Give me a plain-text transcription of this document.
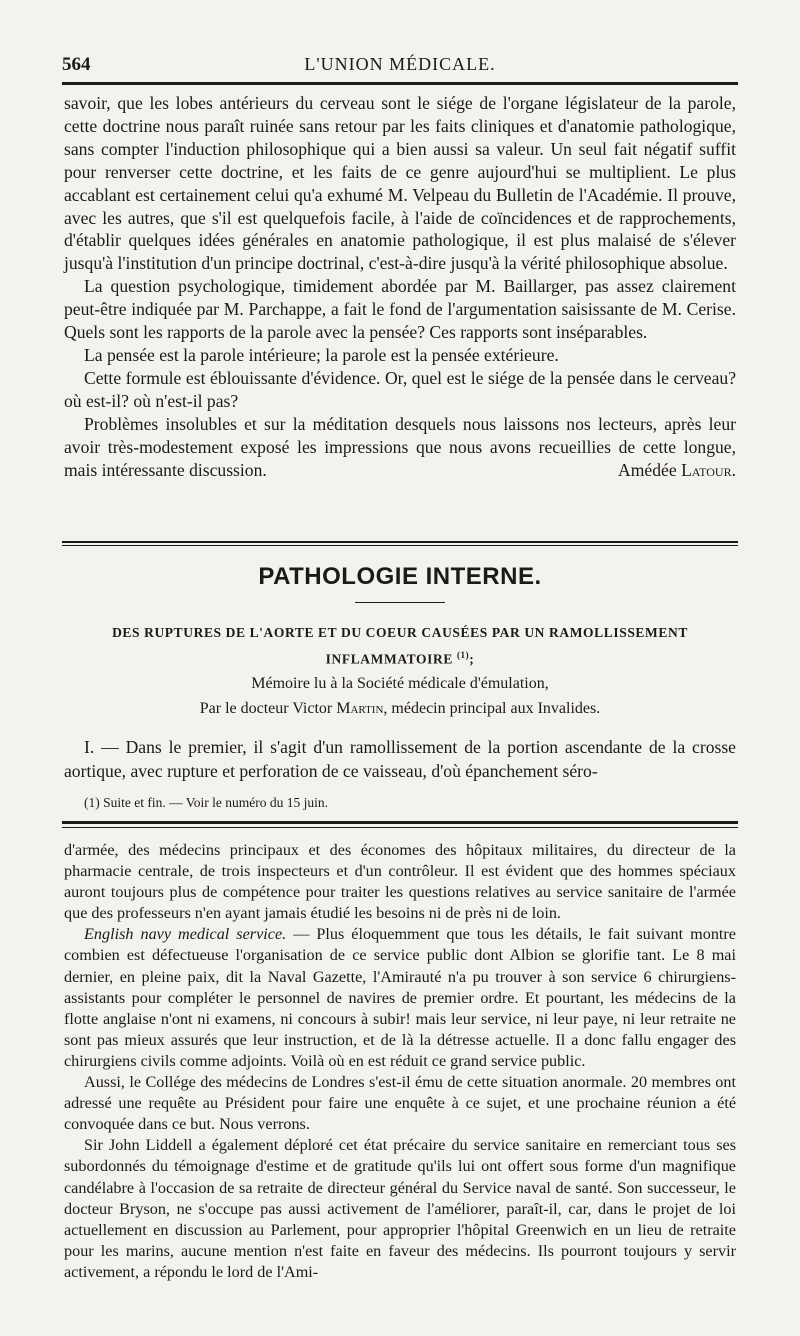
564	L'UNION MÉDICALE.

savoir, que les lobes antérieurs du cerveau sont le siége de l'organe législateur de la parole, cette doctrine nous paraît ruinée sans retour par les faits cliniques et d'anatomie pathologique, sans compter l'induction philosophique qui a bien aussi sa valeur. Un seul fait négatif suffit pour renverser cette doctrine, et les faits de ce genre aujourd'hui se multiplient. Le plus accablant est certainement celui qu'a exhumé M. Velpeau du Bulletin de l'Académie. Il prouve, avec les autres, que s'il est quelquefois facile, à l'aide de coïncidences et de rapprochements, d'établir quelques idées générales en anatomie pathologique, il est plus malaisé de s'élever jusqu'à l'institution d'un principe doctrinal, c'est-à-dire jusqu'à la vérité philosophique absolue.

La question psychologique, timidement abordée par M. Baillarger, pas assez clairement peut-être indiquée par M. Parchappe, a fait le fond de l'argumentation saisissante de M. Cerise. Quels sont les rapports de la parole avec la pensée? Ces rapports sont inséparables.

La pensée est la parole intérieure; la parole est la pensée extérieure.

Cette formule est éblouissante d'évidence. Or, quel est le siége de la pensée dans le cerveau? où est-il? où n'est-il pas?

Problèmes insolubles et sur la méditation desquels nous laissons nos lecteurs, après leur avoir très-modestement exposé les impressions que nous avons recueillies de cette longue, mais intéressante discussion.	Amédée Latour.

PATHOLOGIE INTERNE.
DES RUPTURES DE L'AORTE ET DU COEUR CAUSÉES PAR UN RAMOLLISSEMENT
INFLAMMATOIRE $^{(1)}$;
Mémoire lu à la Société médicale d'émulation,
Par le docteur Victor Martin, médecin principal aux Invalides.

I. — Dans le premier, il s'agit d'un ramollissement de la portion ascendante de la crosse aortique, avec rupture et perforation de ce vaisseau, d'où épanchement séro-

(1) Suite et fin. — Voir le numéro du 15 juin.

d'armée, des médecins principaux et des économes des hôpitaux militaires, du directeur de la pharmacie centrale, de trois inspecteurs et d'un contrôleur. Il est évident que des hommes spéciaux auront toujours plus de compétence pour traiter les questions relatives au service sanitaire de l'armée que des professeurs n'en ayant jamais étudié les besoins ni de près ni de loin.

English navy medical service. — Plus éloquemment que tous les détails, le fait suivant montre combien est défectueuse l'organisation de ce service public dont Albion se glorifie tant. Le 8 mai dernier, en pleine paix, dit la Naval Gazette, l'Amirauté n'a pu trouver à son service 6 chirurgiens-assistants pour compléter le personnel de navires de premier ordre. Et pourtant, les médecins de la flotte anglaise n'ont ni examens, ni concours à subir! mais leur service, ni leur paye, ni leur retraite ne sont pas mieux assurés que leur instruction, et de là la détresse actuelle. Il a donc fallu engager des chirurgiens civils comme adjoints. Voilà où en est réduit ce grand service public.

Aussi, le Collége des médecins de Londres s'est-il ému de cette situation anormale. 20 membres ont adressé une requête au Président pour faire une enquête à ce sujet, et une prochaine réunion a été convoquée dans ce but. Nous verrons.

Sir John Liddell a également déploré cet état précaire du service sanitaire en remerciant tous ses subordonnés du témoignage d'estime et de gratitude qu'ils lui ont offert sous forme d'un magnifique candélabre à l'occasion de sa retraite de directeur général du Service naval de santé. Son successeur, le docteur Bryson, ne s'occupe pas aussi activement de l'améliorer, paraît-il, car, dans le projet de loi actuellement en discussion au Parlement, pour approprier l'hôpital Greenwich en un lieu de retraite pour les marins, aucune mention n'est faite en faveur des médecins. Ils pourront toujours y servir activement, a répondu le lord de l'Ami-
